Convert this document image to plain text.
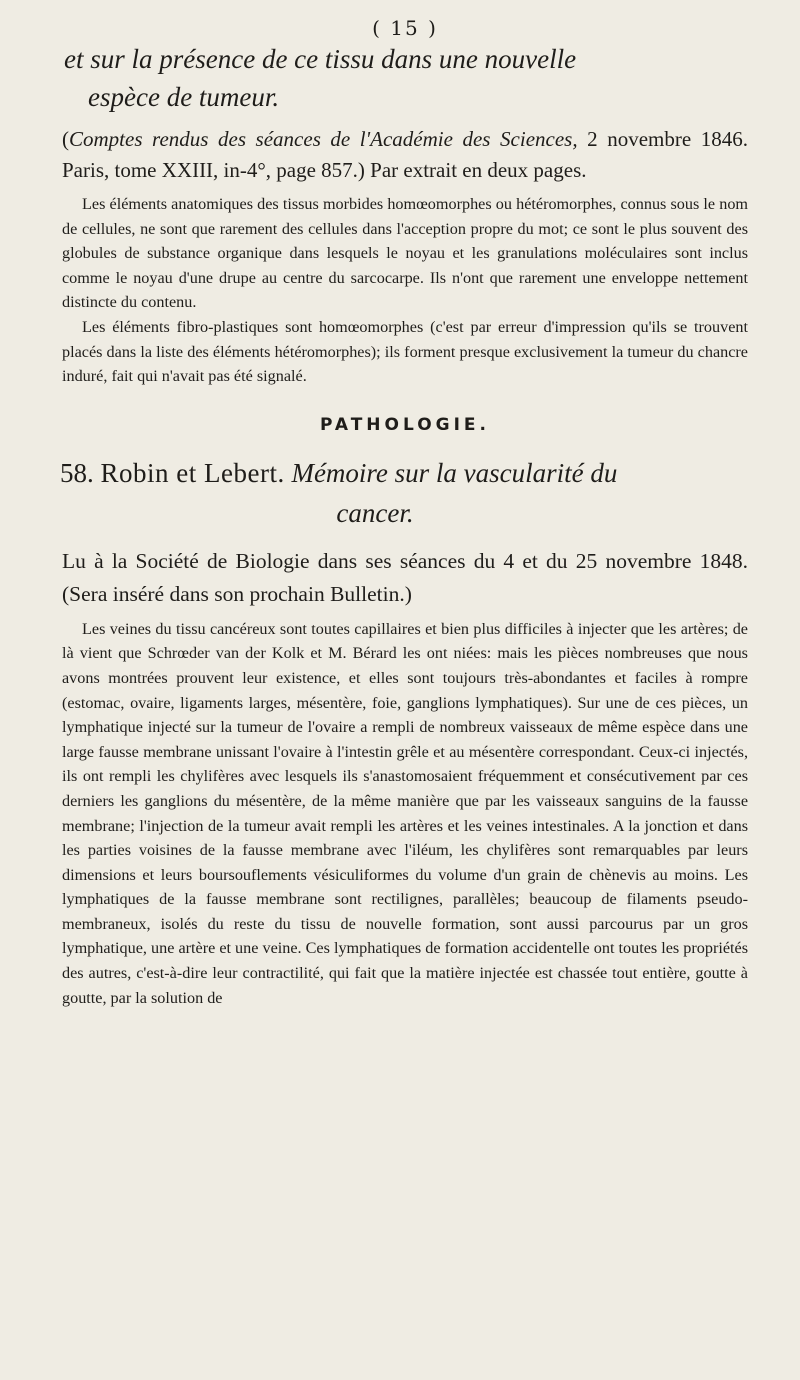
( 15 )

et sur la présence de ce tissu dans une nouvelle

espèce de tumeur.

(Comptes rendus des séances de l'Académie des Sciences, 2 novembre 1846. Paris, tome XXIII, in-4°, page 857.) Par extrait en deux pages.

Les éléments anatomiques des tissus morbides homœomorphes ou hétéromorphes, connus sous le nom de cellules, ne sont que rarement des cellules dans l'acception propre du mot; ce sont le plus souvent des globules de substance organique dans lesquels le noyau et les granulations moléculaires sont inclus comme le noyau d'une drupe au centre du sarcocarpe. Ils n'ont que rarement une enveloppe nettement distincte du contenu.

Les éléments fibro-plastiques sont homœomorphes (c'est par erreur d'impression qu'ils se trouvent placés dans la liste des éléments hétéromorphes); ils forment presque exclusivement la tumeur du chancre induré, fait qui n'avait pas été signalé.

PATHOLOGIE.

58. Robin et Lebert. Mémoire sur la vascularité du

cancer.

Lu à la Société de Biologie dans ses séances du 4 et du 25 novembre 1848. (Sera inséré dans son prochain Bulletin.)

Les veines du tissu cancéreux sont toutes capillaires et bien plus difficiles à injecter que les artères; de là vient que Schrœder van der Kolk et M. Bérard les ont niées: mais les pièces nombreuses que nous avons montrées prouvent leur existence, et elles sont toujours très-abondantes et faciles à rompre (estomac, ovaire, ligaments larges, mésentère, foie, ganglions lymphatiques). Sur une de ces pièces, un lymphatique injecté sur la tumeur de l'ovaire a rempli de nombreux vaisseaux de même espèce dans une large fausse membrane unissant l'ovaire à l'intestin grêle et au mésentère correspondant. Ceux-ci injectés, ils ont rempli les chylifères avec lesquels ils s'anastomosaient fréquemment et consécutivement par ces derniers les ganglions du mésentère, de la même manière que par les vaisseaux sanguins de la fausse membrane; l'injection de la tumeur avait rempli les artères et les veines intestinales. A la jonction et dans les parties voisines de la fausse membrane avec l'iléum, les chylifères sont remarquables par leurs dimensions et leurs boursouflements vésiculiformes du volume d'un grain de chènevis au moins. Les lymphatiques de la fausse membrane sont rectilignes, parallèles; beaucoup de filaments pseudo-membraneux, isolés du reste du tissu de nouvelle formation, sont aussi parcourus par un gros lymphatique, une artère et une veine. Ces lymphatiques de formation accidentelle ont toutes les propriétés des autres, c'est-à-dire leur contractilité, qui fait que la matière injectée est chassée tout entière, goutte à goutte, par la solution de
